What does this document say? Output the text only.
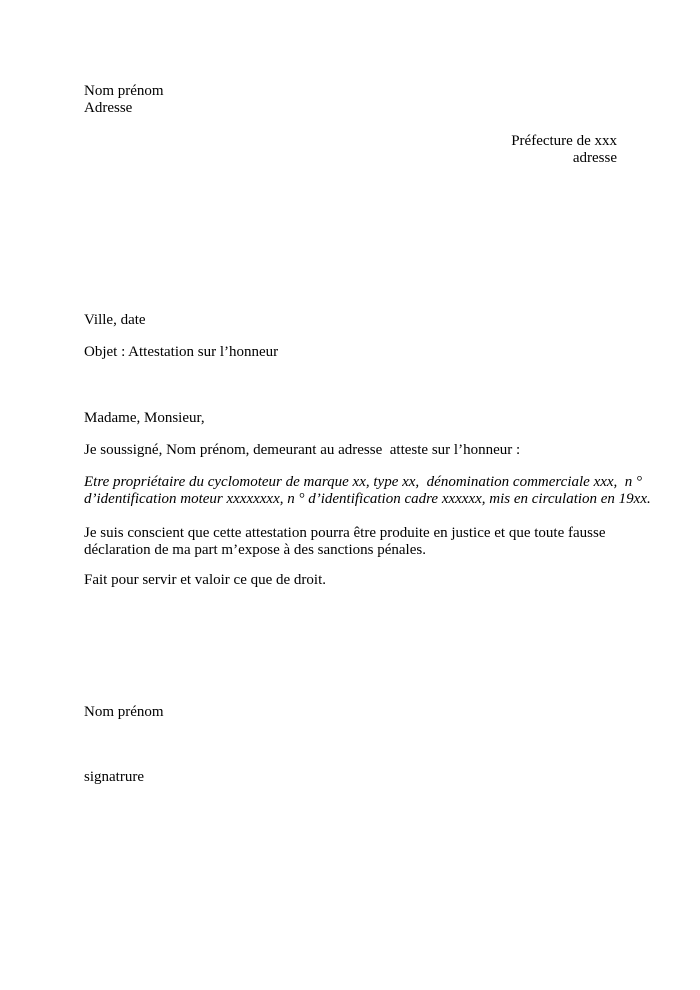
Nom prénom
Adresse
Préfecture de xxx
adresse
Ville, date
Objet : Attestation sur l’honneur
Madame, Monsieur,
Je soussigné, Nom prénom, demeurant au adresse  atteste sur l’honneur :
Etre propriétaire du cyclomoteur de marque xx, type xx,  dénomination commerciale xxx,  n °
d’identification moteur xxxxxxxx, n ° d’identification cadre xxxxxx, mis en circulation en 19xx.
Je suis conscient que cette attestation pourra être produite en justice et que toute fausse
déclaration de ma part m’expose à des sanctions pénales.
Fait pour servir et valoir ce que de droit.
Nom prénom
signatrure
